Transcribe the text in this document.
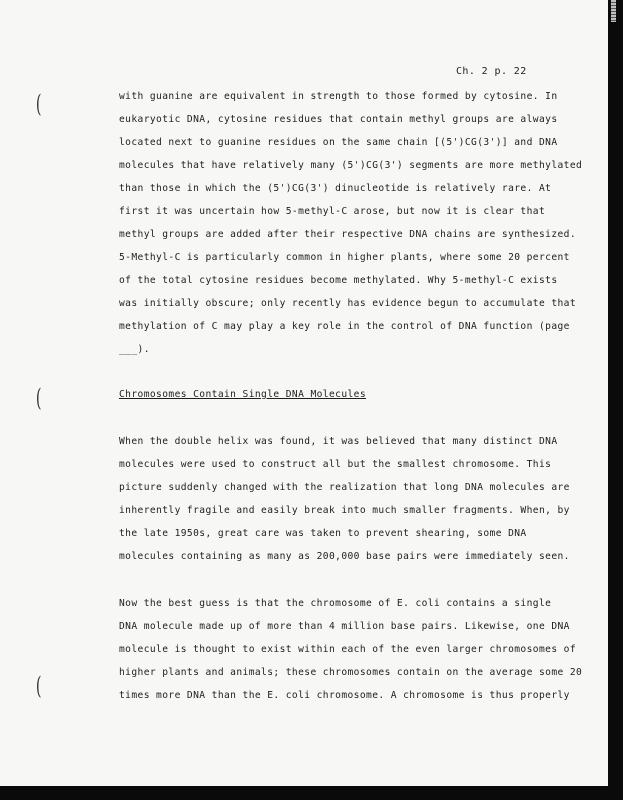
(
(
(
Ch. 2 p. 22
with guanine are equivalent in strength to those formed by cytosine. In
eukaryotic DNA, cytosine residues that contain methyl groups are always
located next to guanine residues on the same chain [(5')CG(3')] and DNA
molecules that have relatively many (5')CG(3') segments are more methylated
than those in which the (5')CG(3') dinucleotide is relatively rare. At
first it was uncertain how 5-methyl-C arose, but now it is clear that
methyl groups are added after their respective DNA chains are synthesized.
5-Methyl-C is particularly common in higher plants, where some 20 percent
of the total cytosine residues become methylated. Why 5-methyl-C exists
was initially obscure; only recently has evidence begun to accumulate that
methylation of C may play a key role in the control of DNA function (page
___).
Chromosomes Contain Single DNA Molecules
When the double helix was found, it was believed that many distinct DNA
molecules were used to construct all but the smallest chromosome. This
picture suddenly changed with the realization that long DNA molecules are
inherently fragile and easily break into much smaller fragments. When, by
the late 1950s, great care was taken to prevent shearing, some DNA
molecules containing as many as 200,000 base pairs were immediately seen.
Now the best guess is that the chromosome of E. coli contains a single
DNA molecule made up of more than 4 million base pairs. Likewise, one DNA
molecule is thought to exist within each of the even larger chromosomes of
higher plants and animals; these chromosomes contain on the average some 20
times more DNA than the E. coli chromosome. A chromosome is thus properly
